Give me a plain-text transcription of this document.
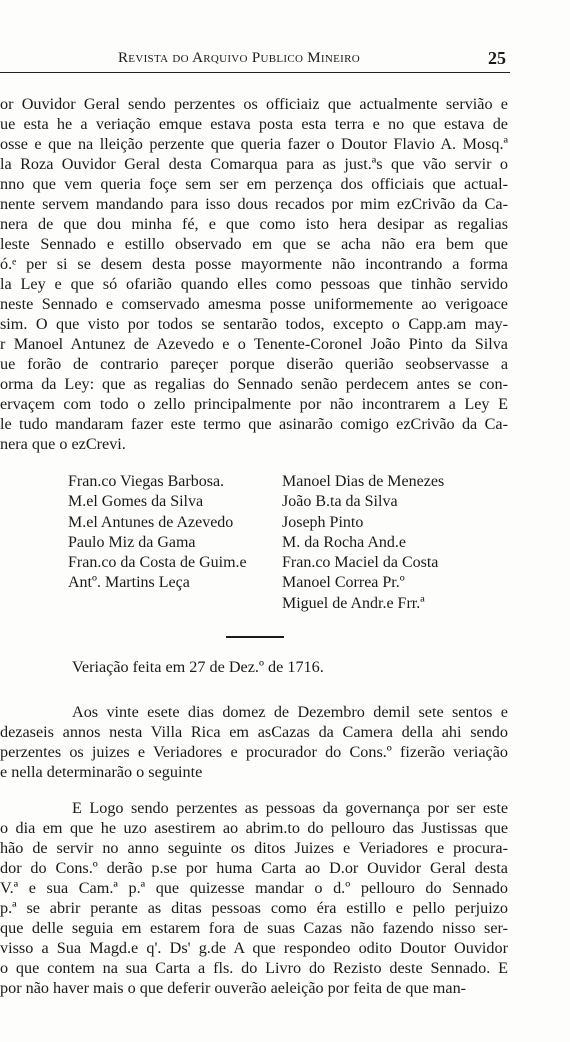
Revista do Arquivo Publico Mineiro	25
or Ouvidor Geral sendo perzentes os officiaiz que actualmente servião e
ue esta he a veriação emque estava posta esta terra e no que estava de
osse e que na lleição perzente que queria fazer o Doutor Flavio A. Mosq.ª
la Roza Ouvidor Geral desta Comarqua para as just.ªs que vão servir o
nno que vem queria foçe sem ser em perzença dos officiais que actual-
nente servem mandando para isso dous recados por mim ezCrivão da Ca-
nera de que dou minha fé, e que como isto hera desipar as regalias
leste Sennado e estillo observado em que se acha não era bem que
ó.ᵉ per si se desem desta posse mayormente não incontrando a forma
la Ley e que só ofarião quando elles como pessoas que tinhão servido
neste Sennado e comservado amesma posse uniformemente ao verigoace
sim. O que visto por todos se sentarão todos, excepto o Capp.am may-
r Manoel Antunez de Azevedo e o Tenente-Coronel João Pinto da Silva
ue forão de contrario pareçer porque diserão querião seobservasse a
orma da Ley: que as regalias do Sennado senão perdecem antes se con-
ervaçem com todo o zello principalmente por não incontrarem a Ley E
le tudo mandaram fazer este termo que asinarão comigo ezCrivão da Ca-
nera que o ezCrevi.
Fran.co Viegas Barbosa.
M.el Gomes da Silva
M.el Antunes de Azevedo
Paulo Miz da Gama
Fran.co da Costa de Guim.e
Antº. Martins Leça
Manoel Dias de Menezes
João B.ta da Silva
Joseph Pinto
M. da Rocha And.e
Fran.co Maciel da Costa
Manoel Correa Pr.º
Miguel de Andr.e Frr.ª
Veriação feita em 27 de Dez.º de 1716.
Aos vinte esete dias domez de Dezembro demil sete sentos e
dezaseis annos nesta Villa Rica em asCazas da Camera della ahi sendo
perzentes os juizes e Veriadores e procurador do Cons.º fizerão veriação
e nella determinarão o seguinte
E Logo sendo perzentes as pessoas da governança por ser este
o dia em que he uzo asestirem ao abrim.to do pellouro das Justissas que
hão de servir no anno seguinte os ditos Juizes e Veriadores e procura-
dor do Cons.º derão p.se por huma Carta ao D.or Ouvidor Geral desta
V.ª e sua Cam.ª p.ª que quizesse mandar o d.º pellouro do Sennado
p.ª se abrir perante as ditas pessoas como éra estillo e pello perjuizo
que delle seguia em estarem fora de suas Cazas não fazendo nisso ser-
visso a Sua Magd.e q'. Ds' g.de A que respondeo odito Doutor Ouvidor
o que contem na sua Carta a fls. do Livro do Rezisto deste Sennado. E
por não haver mais o que deferir ouverão aeleição por feita de que man-
